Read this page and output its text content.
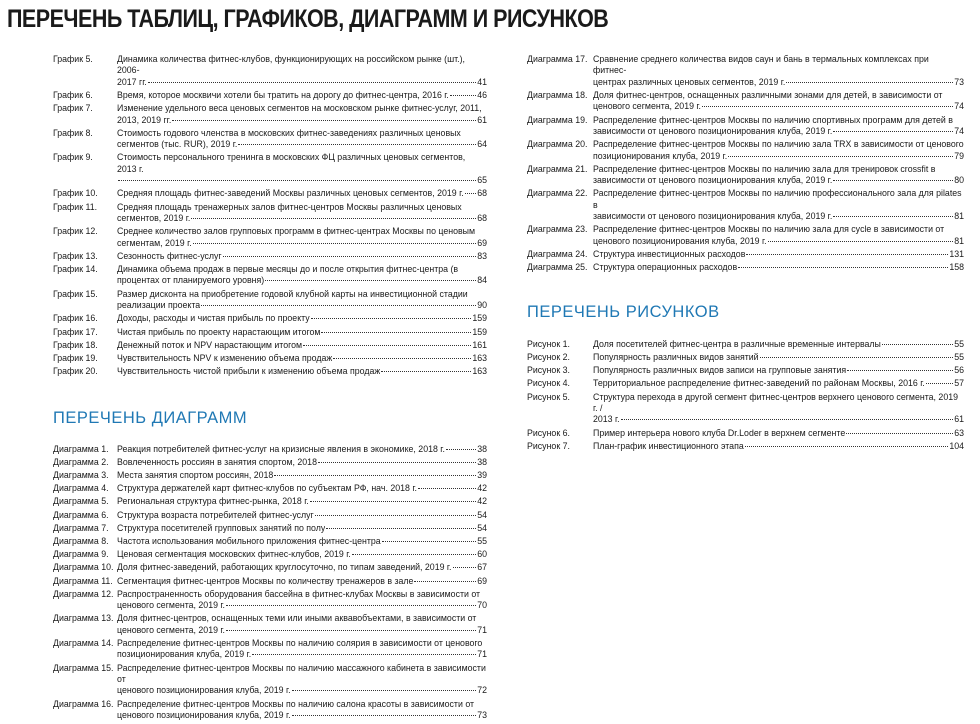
ПЕРЕЧЕНЬ ТАБЛИЦ, ГРАФИКОВ, ДИАГРАММ И РИСУНКОВ
График 5.	Динамика количества фитнес-клубов, функционирующих на российском рынке (шт.), 2006-
2017 гг.	41
График 6.	Время, которое москвичи хотели бы тратить на дорогу до фитнес-центра, 2016 г.	46
График 7.	Изменение удельного веса ценовых сегментов на московском рынке фитнес-услуг, 2011,
2013, 2019 гг.	61
График 8.	Стоимость годового членства в московских фитнес-заведениях различных ценовых
сегментов (тыс. RUR), 2019 г.	64
График 9.	Стоимость персонального тренинга в московских ФЦ различных ценовых сегментов, 2013 г.
65
График 10.	Средняя площадь фитнес-заведений Москвы различных ценовых сегментов, 2019 г. 68
График 11.	Средняя площадь тренажерных залов фитнес-центров Москвы различных ценовых
сегментов, 2019 г.	68
График 12.	Среднее количество залов групповых программ в фитнес-центрах Москвы по ценовым
сегментам, 2019 г.	69
График 13.	Сезонность фитнес-услуг	83
График 14.	Динамика объема продаж в первые месяцы до и после открытия фитнес-центра (в
процентах от планируемого уровня)	84
График 15.	Размер дисконта на приобретение годовой клубной карты на инвестиционной стадии
реализации проекта	90
График 16.	Доходы, расходы и чистая прибыль по проекту	159
График 17.	Чистая прибыль по проекту нарастающим итогом	159
График 18.	Денежный поток и NPV нарастающим итогом	161
График 19.	Чувствительность NPV к изменению объема продаж	163
График 20.	Чувствительность чистой прибыли к изменению объема продаж	163
ПЕРЕЧЕНЬ ДИАГРАММ
Диаграмма 1. Реакция потребителей фитнес-услуг на кризисные явления в экономике, 2018 г.	38
Диаграмма 2. Вовлеченность россиян в занятия спортом, 2018	38
Диаграмма 3. Места занятия спортом россиян, 2018	39
Диаграмма 4. Структура держателей карт фитнес-клубов по субъектам РФ, нач. 2018 г.	42
Диаграмма 5. Региональная структура фитнес-рынка, 2018 г.	42
Диаграмма 6. Структура возраста потребителей фитнес-услуг	54
Диаграмма 7. Структура посетителей групповых занятий по полу	54
Диаграмма 8. Частота использования мобильного приложения фитнес-центра	55
Диаграмма 9. Ценовая сегментация московских фитнес-клубов, 2019 г.	60
Диаграмма 10. Доля фитнес-заведений, работающих круглосуточно, по типам заведений, 2019 г.	67
Диаграмма 11. Сегментация фитнес-центров Москвы по количеству тренажеров в зале	69
Диаграмма 12. Распространенность оборудования бассейна в фитнес-клубах Москвы в зависимости от
ценового сегмента, 2019 г.	70
Диаграмма 13. Доля фитнес-центров, оснащенных теми или иными аквавобъектами, в зависимости от
ценового сегмента, 2019 г.	71
Диаграмма 14. Распределение фитнес-центров Москвы по наличию солярия в зависимости от ценового
позиционирования клуба, 2019 г.	71
Диаграмма 15. Распределение фитнес-центров Москвы по наличию массажного кабинета в зависимости от
ценового позиционирования клуба, 2019 г.	72
Диаграмма 16. Распределение фитнес-центров Москвы по наличию салона красоты в зависимости от
ценового позиционирования клуба, 2019 г.	73
Диаграмма 17. Сравнение среднего количества видов саун и бань в термальных комплексах при фитнес-
центрах различных ценовых сегментов, 2019 г.	73
Диаграмма 18. Доля фитнес-центров, оснащенных различными зонами для детей, в зависимости от
ценового сегмента, 2019 г.	74
Диаграмма 19. Распределение фитнес-центров Москвы по наличию спортивных программ для детей в
зависимости от ценового позиционирования клуба, 2019 г.	74
Диаграмма 20. Распределение фитнес-центров Москвы по наличию зала TRX в зависимости от ценового
позиционирования клуба, 2019 г.	79
Диаграмма 21. Распределение фитнес-центров Москвы по наличию зала для тренировок crossfit в
зависимости от ценового позиционирования клуба, 2019 г.	80
Диаграмма 22. Распределение фитнес-центров Москвы по наличию профессионального зала для pilates в
зависимости от ценового позиционирования клуба, 2019 г.	81
Диаграмма 23. Распределение фитнес-центров Москвы по наличию зала для cycle в зависимости от
ценового позиционирования клуба, 2019 г.	81
Диаграмма 24. Структура инвестиционных расходов	131
Диаграмма 25. Структура операционных расходов	158
ПЕРЕЧЕНЬ РИСУНКОВ
Рисунок 1.	Доля посетителей фитнес-центра в различные временные интервалы	55
Рисунок 2.	Популярность различных видов занятий	55
Рисунок 3.	Популярность различных видов записи на групповые занятия	56
Рисунок 4.	Территориальное распределение фитнес-заведений по районам Москвы, 2016 г.	57
Рисунок 5.	Структура перехода в другой сегмент фитнес-центров верхнего ценового сегмента, 2019 г. /
2013 г.	61
Рисунок 6.	Пример интерьера нового клуба Dr.Loder в верхнем сегменте	63
Рисунок 7.	План-график инвестиционного этапа	104
